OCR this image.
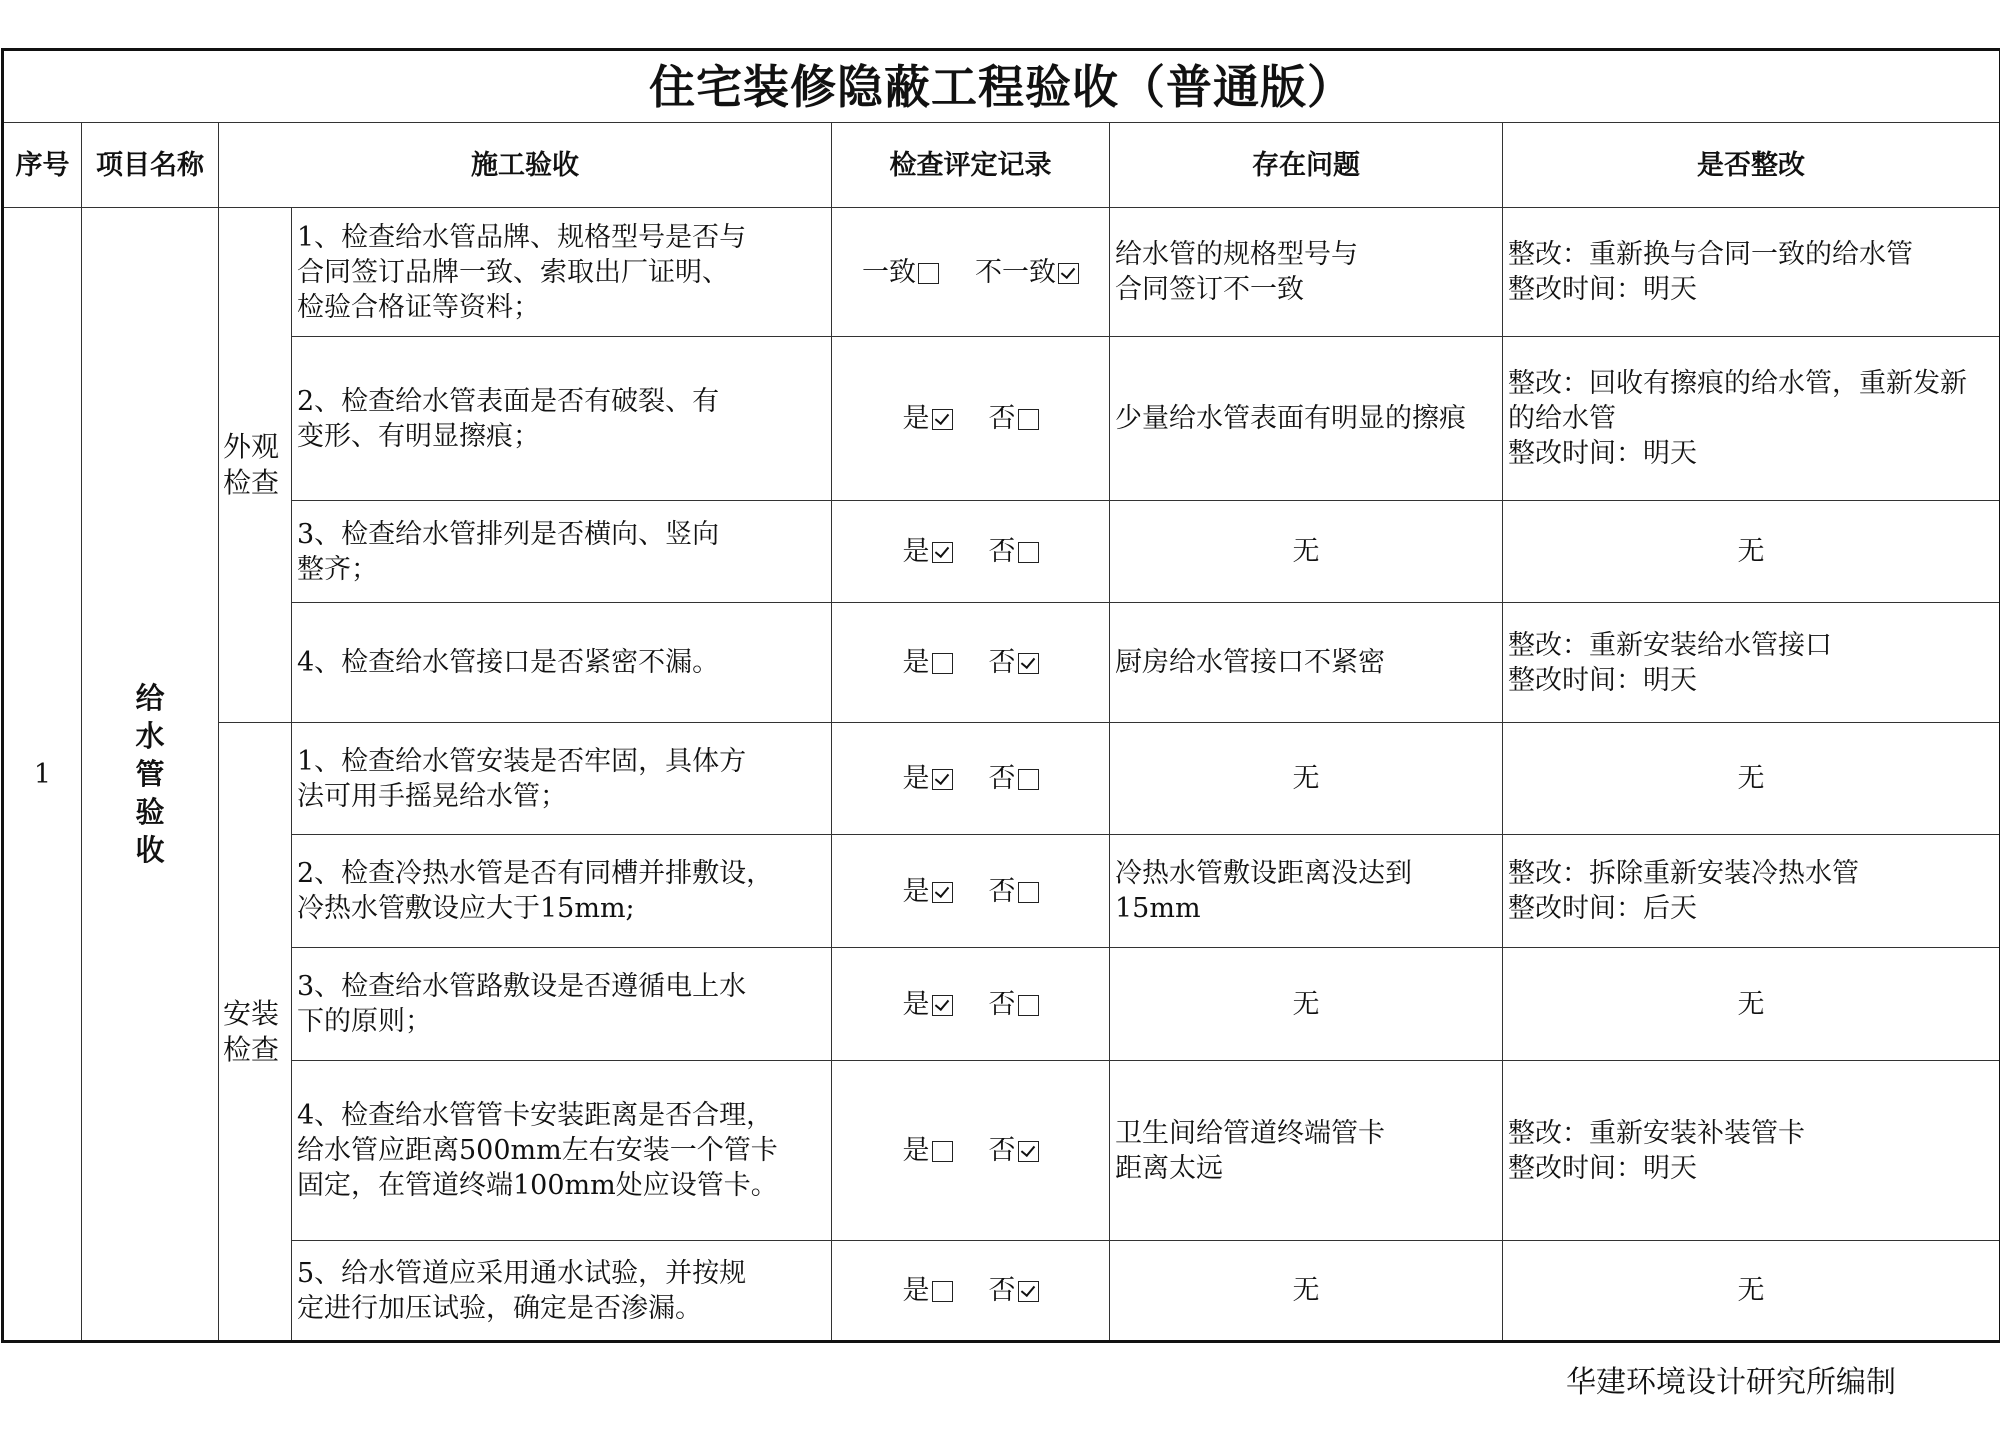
住宅装修隐蔽工程验收（普通版）						
序号	项目名称	施工验收		检查评定记录	存在问题	是否整改
1	给水管验收	外观检查	1、检查给水管品牌、规格型号是否与
合同签订品牌一致、索取出厂证明、
检验合格证等资料；	一致 不一致	给水管的规格型号与
合同签订不一致	整改：重新换与合同一致的给水管
整改时间：明天
			2、检查给水管表面是否有破裂、有
变形、有明显擦痕；	是 否	少量给水管表面有明显的擦痕	整改：回收有擦痕的给水管，重新发新
的给水管
整改时间：明天
			3、检查给水管排列是否横向、竖向
整齐；	是 否	无	无
			4、检查给水管接口是否紧密不漏。	是 否	厨房给水管接口不紧密	整改：重新安装给水管接口
整改时间：明天
		安装检查	1、检查给水管安装是否牢固，具体方
法可用手摇晃给水管；	是 否	无	无
			2、检查冷热水管是否有同槽并排敷设，
冷热水管敷设应大于15mm;	是 否	冷热水管敷设距离没达到15mm	整改：拆除重新安装冷热水管
整改时间：后天
			3、检查给水管路敷设是否遵循电上水
下的原则；	是 否	无	无
			4、检查给水管管卡安装距离是否合理，
给水管应距离500mm左右安装一个管卡
固定，在管道终端100mm处应设管卡。	是 否	卫生间给管道终端管卡
距离太远	整改：重新安装补装管卡
整改时间：明天
			5、给水管道应采用通水试验，并按规
定进行加压试验，确定是否渗漏。	是 否	无	无
华建环境设计研究所编制
